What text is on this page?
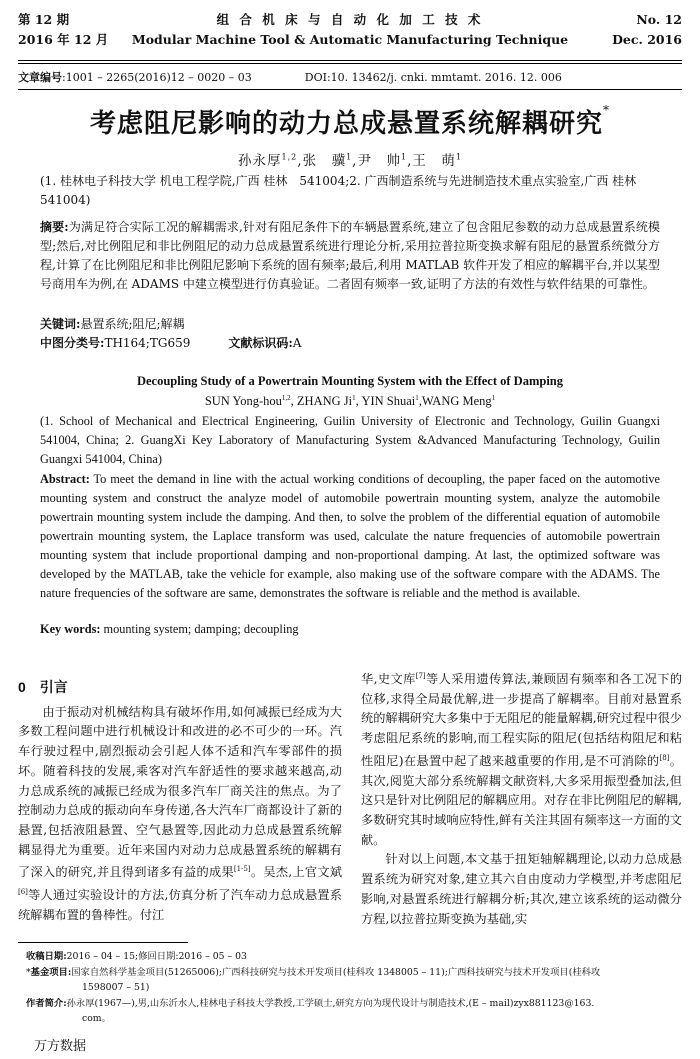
第 12 期
2016 年 12 月
组 合 机 床 与 自 动 化 加 工 技 术
Modular Machine Tool & Automatic Manufacturing Technique
No. 12
Dec. 2016
文章编号:1001 – 2265(2016)12 – 0020 – 03	DOI:10. 13462/j. cnki. mmtamt. 2016. 12. 006
考虑阻尼影响的动力总成悬置系统解耦研究*
孙永厚$^{1,2}$,张　骥$^1$,尹　帅$^1$,王　萌$^1$
(1. 桂林电子科技大学 机电工程学院,广西 桂林　541004;2. 广西制造系统与先进制造技术重点实验室,广西 桂林　541004)
摘要:为满足符合实际工况的解耦需求,针对有阻尼条件下的车辆悬置系统,建立了包含阻尼参数的动力总成悬置系统模型;然后,对比例阻尼和非比例阻尼的动力总成悬置系统进行理论分析,采用拉普拉斯变换求解有阻尼的悬置系统微分方程,计算了在比例阻尼和非比例阻尼影响下系统的固有频率;最后,利用 MATLAB 软件开发了相应的解耦平台,并以某型号商用车为例,在 ADAMS 中建立模型进行仿真验证。二者固有频率一致,证明了方法的有效性与软件结果的可靠性。
关键词:悬置系统;阻尼;解耦
中图分类号:TH164;TG659	文献标识码:A
Decoupling Study of a Powertrain Mounting System with the Effect of Damping
SUN Yong-hou$^{1,2}$, ZHANG Ji$^1$, YIN Shuai$^1$,WANG Meng$^1$
(1. School of Mechanical and Electrical Engineering, Guilin University of Electronic and Technology, Guilin Guangxi 541004, China; 2. GuangXi Key Laboratory of Manufacturing System &Advanced Manufacturing Technology, Guilin Guangxi 541004, China)
Abstract: To meet the demand in line with the actual working conditions of decoupling, the paper faced on the automotive mounting system and construct the analyze model of automobile powertrain mounting system, analyze the automobile powertrain mounting system include the damping. And then, to solve the problem of the differential equation of automobile powertrain mounting system, the Laplace transform was used, calculate the nature frequencies of automobile powertrain mounting system that include proportional damping and non-proportional damping. At last, the optimized software was developed by the MATLAB, take the vehicle for example, also making use of the software compare with the ADAMS. The nature frequencies of the software are same, demonstrates the software is reliable and the method is available.
Key words: mounting system; damping; decoupling
0 引言

由于振动对机械结构具有破坏作用,如何减振已经成为大多数工程问题中进行机械设计和改进的必不可少的一环。汽车行驶过程中,剧烈振动会引起人体不适和汽车零部件的损坏。随着科技的发展,乘客对汽车舒适性的要求越来越高,动力总成系统的减振已经成为很多汽车厂商关注的焦点。为了控制动力总成的振动向车身传递,各大汽车厂商都设计了新的悬置,包括液阻悬置、空气悬置等,因此动力总成悬置系统解耦显得尤为重要。近年来国内对动力总成悬置系统的解耦有了深入的研究,并且得到诸多有益的成果[1-5]。吴杰,上官文斌[6]等人通过实验设计的方法,仿真分析了汽车动力总成悬置系统解耦布置的鲁棒性。付江

华,史文库[7]等人采用遗传算法,兼顾固有频率和各工况下的位移,求得全局最优解,进一步提高了解耦率。目前对悬置系统的解耦研究大多集中于无阻尼的能量解耦,研究过程中很少考虑阻尼系统的影响,而工程实际的阻尼(包括结构阻尼和粘性阻尼)在悬置中起了越来越重要的作用,是不可消除的[8]。其次,阅览大部分系统解耦文献资料,大多采用振型叠加法,但这只是针对比例阻尼的解耦应用。对存在非比例阻尼的解耦,多数研究其时域响应特性,鲜有关注其固有频率这一方面的文献。

针对以上问题,本文基于扭矩轴解耦理论,以动力总成悬置系统为研究对象,建立其六自由度动力学模型,并考虑阻尼影响,对悬置系统进行解耦分析;其次,建立该系统的运动微分方程,以拉普拉斯变换为基础,实

收稿日期:2016 – 04 – 15;修回日期:2016 – 05 – 03
*基金项目:国家自然科学基金项目(51265006);广西科技研究与技术开发项目(桂科攻 1348005 – 11);广西科技研究与技术开发项目(桂科攻
1598007 – 51)
作者简介:孙永厚(1967—),男,山东沂水人,桂林电子科技大学教授,工学硕士,研究方向为现代设计与制造技术,(E – mail)zyx881123@163.
com。
万方数据
